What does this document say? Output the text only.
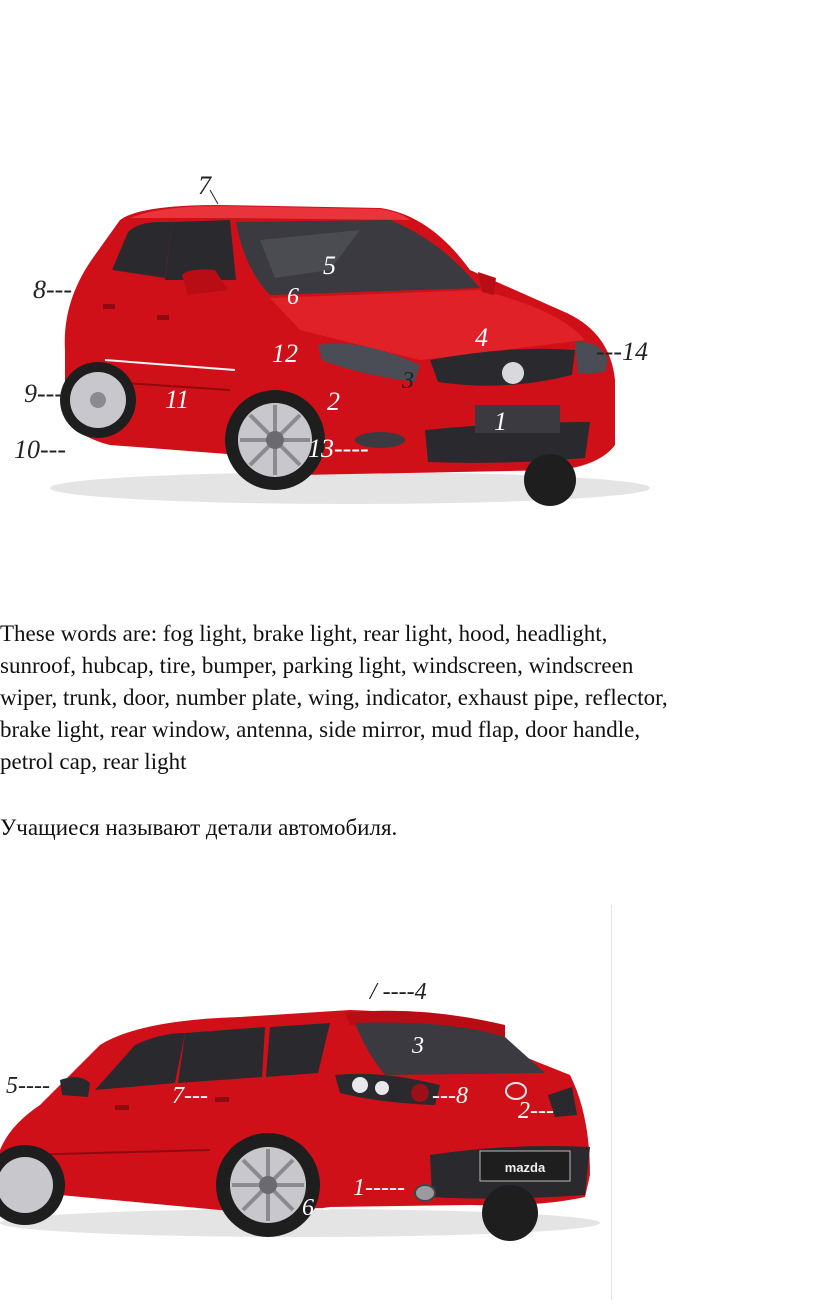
1
2
3
4
5
6
7
8---
9---
10---
11
12
13----
---14

These words are: fog light, brake light, rear light, hood, headlight,
sunroof, hubcap, tire, bumper, parking light, windscreen, windscreen
wiper, trunk, door, number plate, wing, indicator, exhaust pipe, reflector,
brake light, rear window, antenna, side mirror, mud flap, door handle,
petrol cap, rear light

Учащиеся называют детали автомобиля.

mazda
1-----
2---
3
/ ----4
5----
6--
7---	---8
